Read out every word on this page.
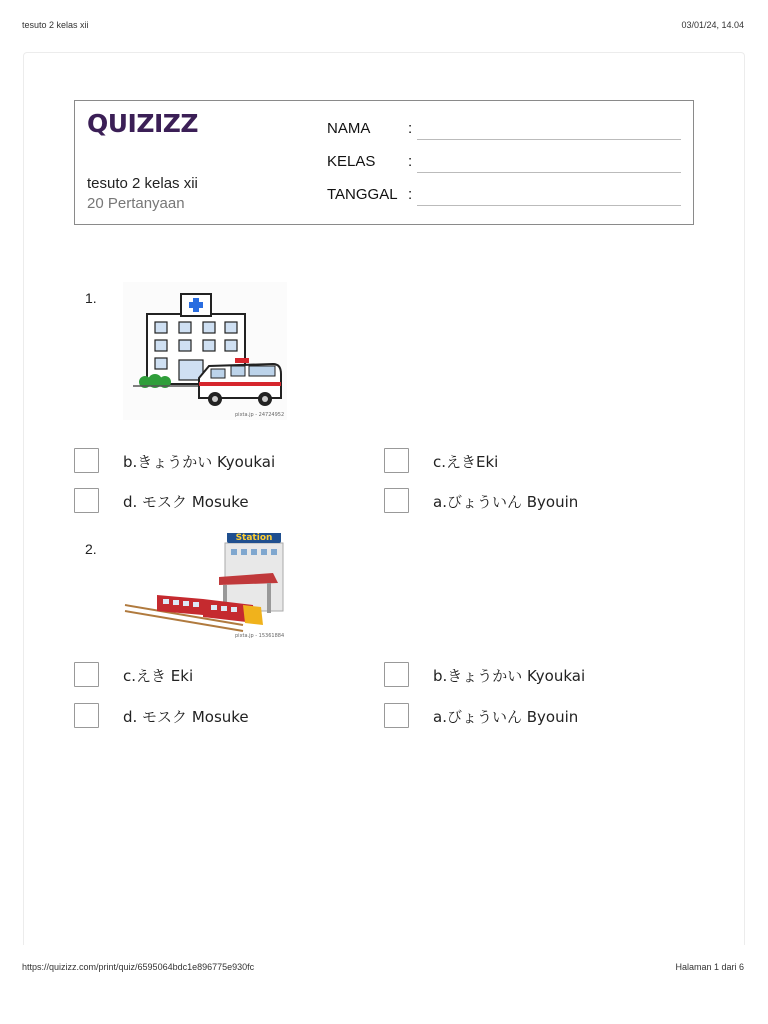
tesuto 2 kelas xii	03/01/24, 14.04
QUIZIZZ
tesuto 2 kelas xii
20 Pertanyaan
NAMA	:
KELAS :
TANGGAL :
1.
pixta.jp - 24724952
b.きょうかい Kyoukai	c.えきEki
d. モスク Mosuke	a.びょういん Byouin
2.
Station
pixta.jp - 15361884
c.えき Eki	b.きょうかい Kyoukai
d. モスク Mosuke	a.びょういん Byouin
https://quizizz.com/print/quiz/6595064bdc1e896775e930fc	Halaman 1 dari 6
